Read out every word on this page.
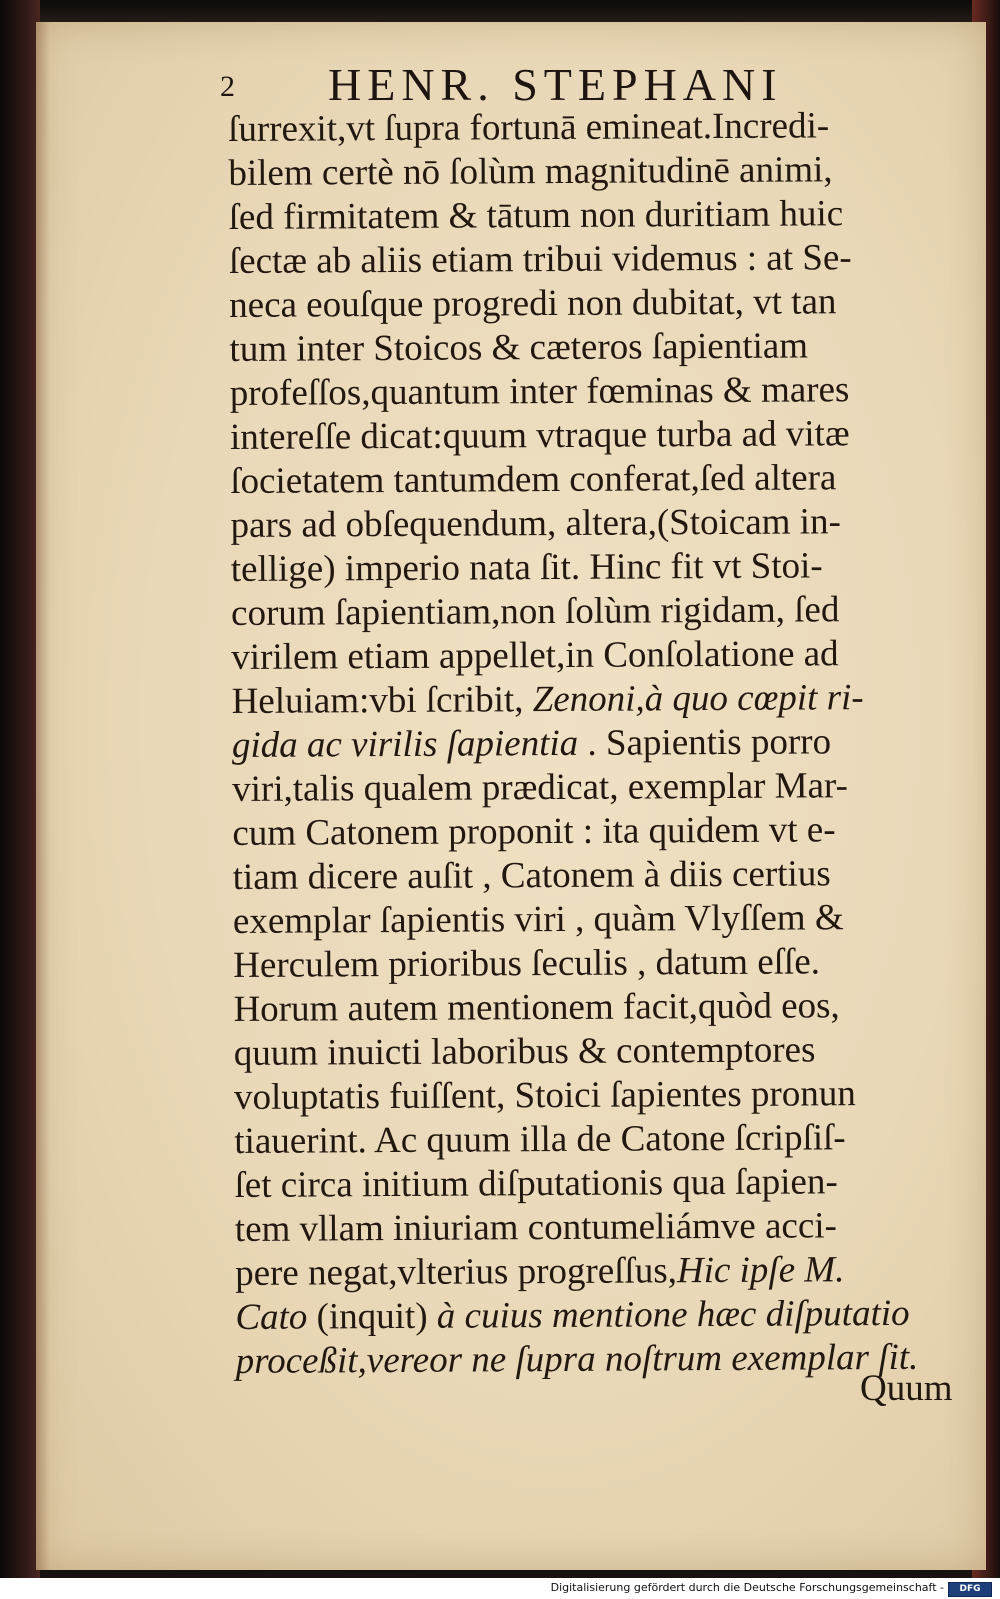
2 HENR. STEPHANI
ſurrexit,vt ſupra fortunā emineat.Incredi-
bilem certè nō ſolùm magnitudinē animi,
ſed firmitatem & tātum non duritiam huic
ſectæ ab aliis etiam tribui videmus : at Se-
neca eouſque progredi non dubitat, vt tan
tum inter Stoicos & cæteros ſapientiam
profeſſos,quantum inter fœminas & mares
intereſſe dicat:quum vtraque turba ad vitæ
ſocietatem tantumdem conferat,ſed altera
pars ad obſequendum, altera,(Stoicam in-
tellige) imperio nata ſit. Hinc fit vt Stoi-
corum ſapientiam,non ſolùm rigidam, ſed
virilem etiam appellet,in Conſolatione ad
Heluiam:vbi ſcribit, Zenoni,à quo cœpit ri-
gida ac virilis ſapientia . Sapientis porro
viri,talis qualem prædicat, exemplar Mar-
cum Catonem proponit : ita quidem vt e-
tiam dicere auſit , Catonem à diis certius
exemplar ſapientis viri , quàm Vlyſſem &
Herculem prioribus ſeculis , datum eſſe.
Horum autem mentionem facit,quòd eos,
quum inuicti laboribus & contemptores
voluptatis fuiſſent, Stoici ſapientes pronun
tiauerint. Ac quum illa de Catone ſcripſiſ-
ſet circa initium diſputationis qua ſapien-
tem vllam iniuriam contumeliámve acci-
pere negat,vlterius progreſſus,Hic ipſe M.
Cato (inquit) à cuius mentione hæc diſputatio
proceßit,vereor ne ſupra noſtrum exemplar ſit.
Quum
Digitalisierung gefördert durch die Deutsche Forschungsgemeinschaft -	DFG
